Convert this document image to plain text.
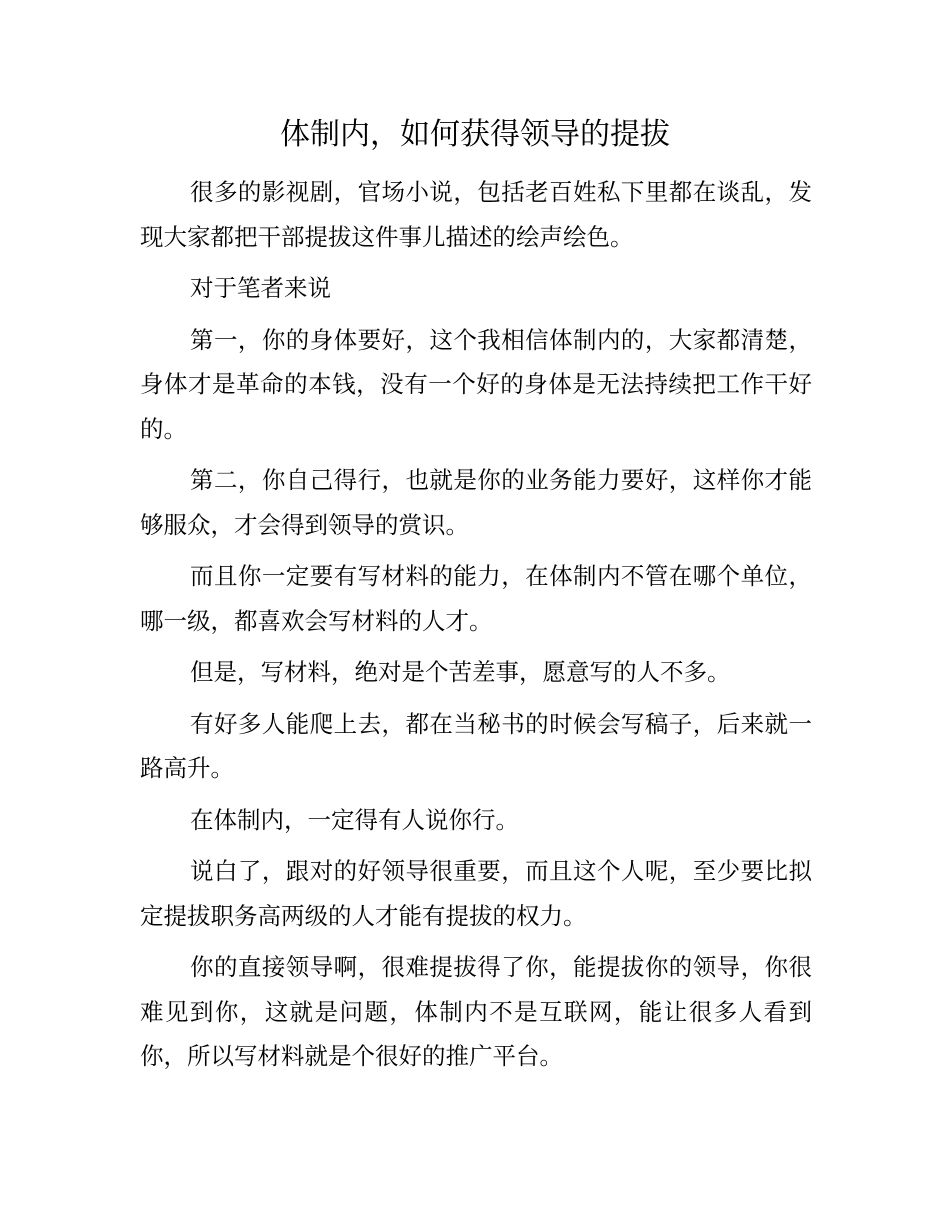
体制内，如何获得领导的提拔

很多的影视剧，官场小说，包括老百姓私下里都在谈乱，发现大家都把干部提拔这件事儿描述的绘声绘色。

对于笔者来说

第一，你的身体要好，这个我相信体制内的，大家都清楚，身体才是革命的本钱，没有一个好的身体是无法持续把工作干好的。

第二，你自己得行，也就是你的业务能力要好，这样你才能够服众，才会得到领导的赏识。

而且你一定要有写材料的能力，在体制内不管在哪个单位，哪一级，都喜欢会写材料的人才。

但是，写材料，绝对是个苦差事，愿意写的人不多。

有好多人能爬上去，都在当秘书的时候会写稿子，后来就一路高升。

在体制内，一定得有人说你行。

说白了，跟对的好领导很重要，而且这个人呢，至少要比拟定提拔职务高两级的人才能有提拔的权力。

你的直接领导啊，很难提拔得了你，能提拔你的领导，你很难见到你，这就是问题，体制内不是互联网，能让很多人看到你，所以写材料就是个很好的推广平台。
